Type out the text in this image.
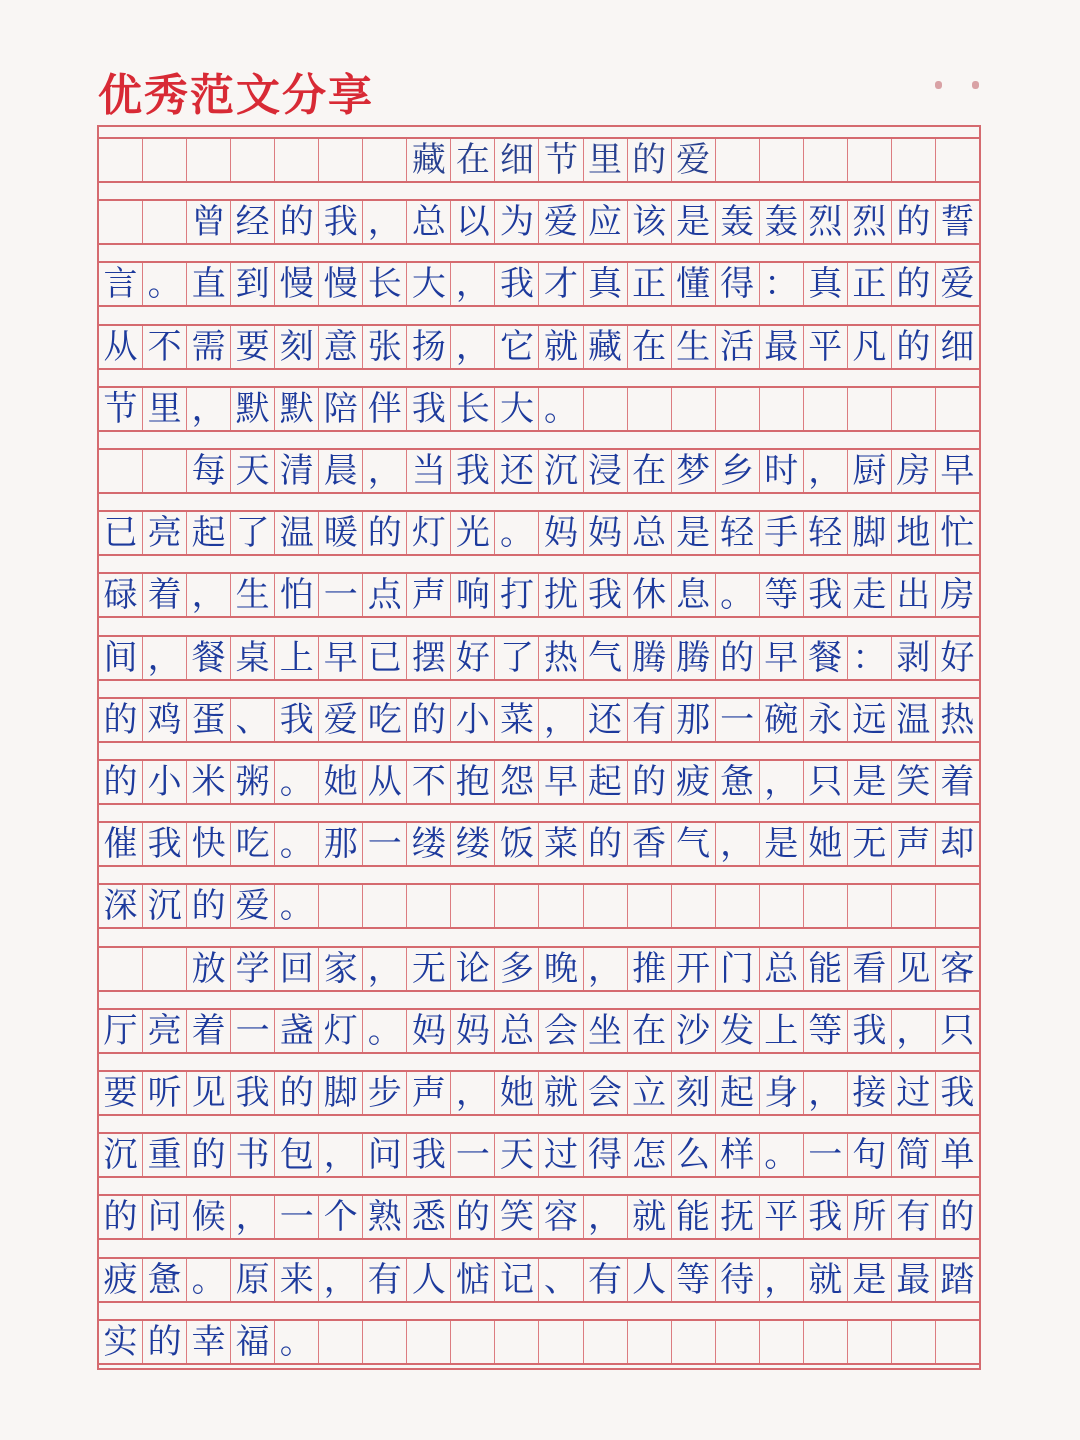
优秀范文分享
藏 在 细 节 里 的 爱
曾 经 的 我 ， 总 以 为 爱 应 该 是 轰 轰 烈 烈 的 誓
言 。 直 到 慢 慢 长 大 ， 我 才 真 正 懂 得 ： 真 正 的 爱
从 不 需 要 刻 意 张 扬 ， 它 就 藏 在 生 活 最 平 凡 的 细
节 里 ， 默 默 陪 伴 我 长 大 。
每 天 清 晨 ， 当 我 还 沉 浸 在 梦 乡 时 ， 厨 房 早
已 亮 起 了 温 暖 的 灯 光 。 妈 妈 总 是 轻 手 轻 脚 地 忙
碌 着 ， 生 怕 一 点 声 响 打 扰 我 休 息 。 等 我 走 出 房
间 ， 餐 桌 上 早 已 摆 好 了 热 气 腾 腾 的 早 餐 ： 剥 好
的 鸡 蛋 、 我 爱 吃 的 小 菜 ， 还 有 那 一 碗 永 远 温 热
的 小 米 粥 。 她 从 不 抱 怨 早 起 的 疲 惫 ， 只 是 笑 着
催 我 快 吃 。 那 一 缕 缕 饭 菜 的 香 气 ， 是 她 无 声 却
深 沉 的 爱 。
放 学 回 家 ， 无 论 多 晚 ， 推 开 门 总 能 看 见 客
厅 亮 着 一 盏 灯 。 妈 妈 总 会 坐 在 沙 发 上 等 我 ， 只
要 听 见 我 的 脚 步 声 ， 她 就 会 立 刻 起 身 ， 接 过 我
沉 重 的 书 包 ， 问 我 一 天 过 得 怎 么 样 。 一 句 简 单
的 问 候 ， 一 个 熟 悉 的 笑 容 ， 就 能 抚 平 我 所 有 的
疲 惫 。 原 来 ， 有 人 惦 记 、 有 人 等 待 ， 就 是 最 踏
实 的 幸 福 。
